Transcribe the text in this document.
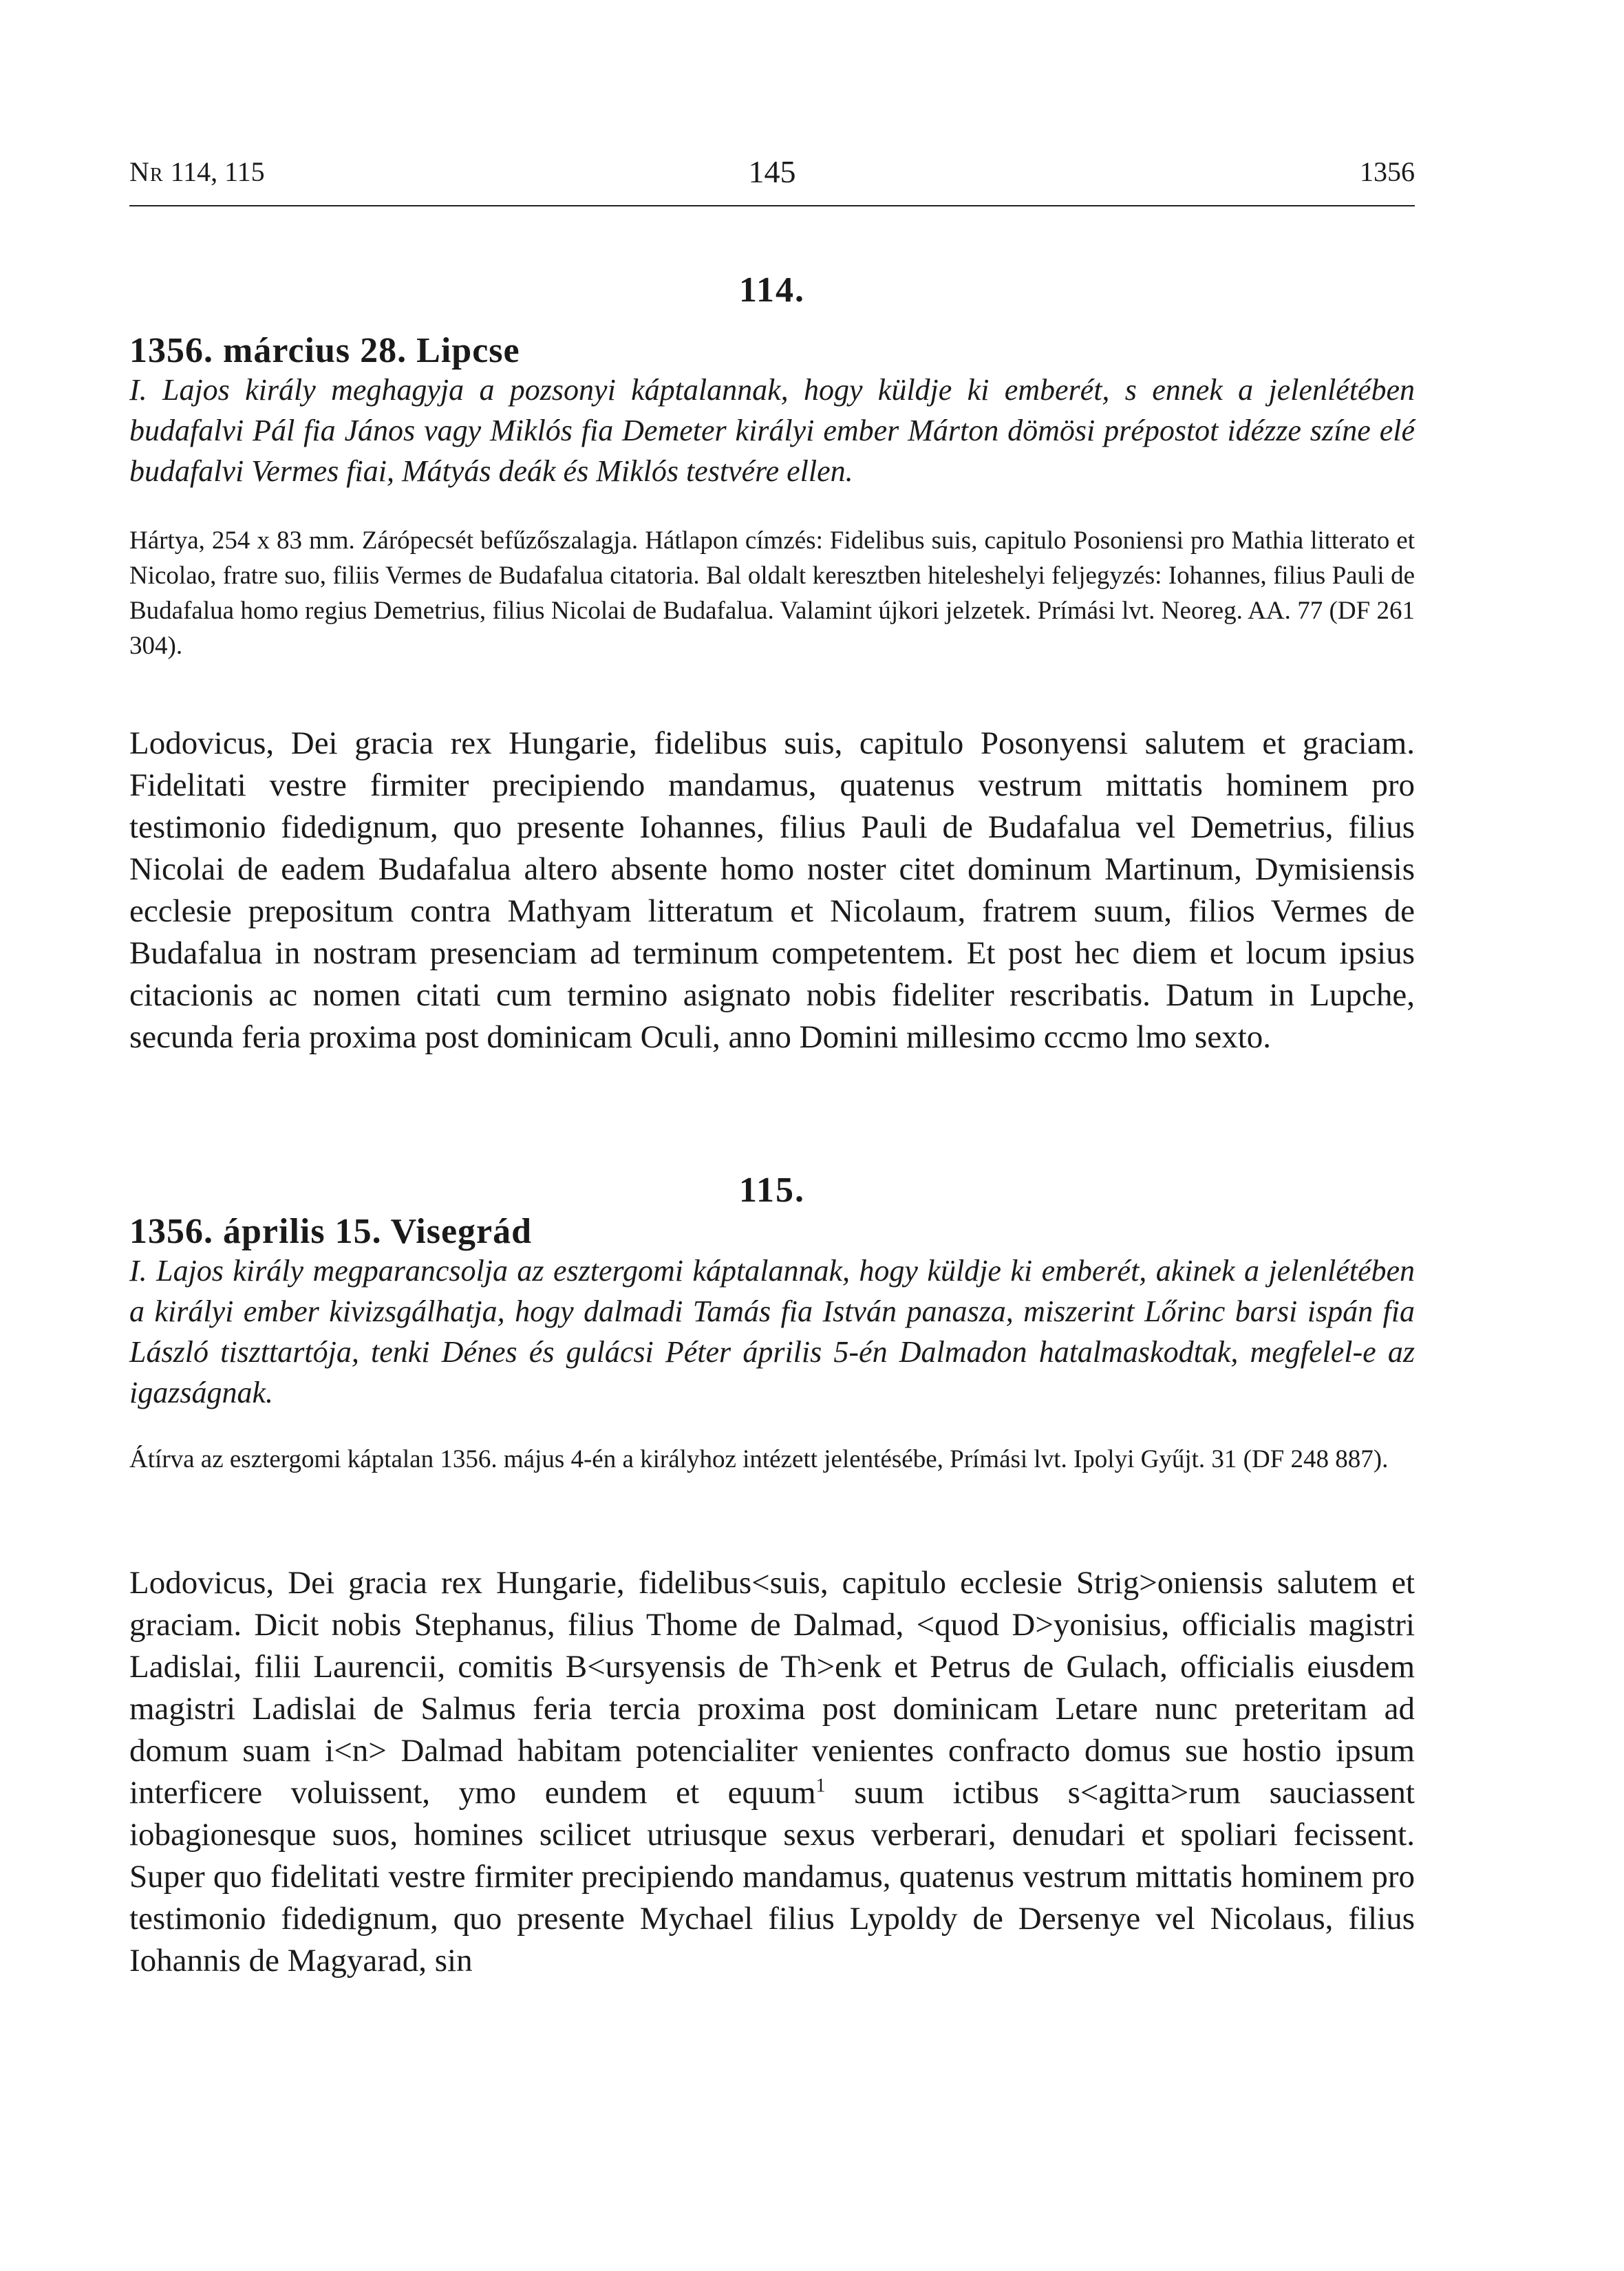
Nr 114, 115	145	1356
114.
1356. március 28. Lipcse
I. Lajos király meghagyja a pozsonyi káptalannak, hogy küldje ki emberét, s ennek a jelenlétében budafalvi Pál fia János vagy Miklós fia Demeter királyi ember Márton dömösi prépostot idézze színe elé budafalvi Vermes fiai, Mátyás deák és Miklós testvére ellen.
Hártya, 254 x 83 mm. Zárópecsét befűzőszalagja. Hátlapon címzés: Fidelibus suis, capitulo Posoniensi pro Mathia litterato et Nicolao, fratre suo, filiis Vermes de Budafalua citatoria. Bal oldalt keresztben hiteleshelyi feljegyzés: Iohannes, filius Pauli de Budafalua homo regius Demetrius, filius Nicolai de Budafalua. Valamint újkori jelzetek. Prímási lvt. Neoreg. AA. 77 (DF 261 304).
Lodovicus, Dei gracia rex Hungarie, fidelibus suis, capitulo Posonyensi salutem et graciam. Fidelitati vestre firmiter precipiendo mandamus, quatenus vestrum mittatis hominem pro testimonio fidedignum, quo presente Iohannes, filius Pauli de Budafalua vel Demetrius, filius Nicolai de eadem Budafalua altero absente homo noster citet dominum Martinum, Dymisiensis ecclesie prepositum contra Mathyam litteratum et Nicolaum, fratrem suum, filios Vermes de Budafalua in nostram presenciam ad terminum competentem. Et post hec diem et locum ipsius citacionis ac nomen citati cum termino asignato nobis fideliter rescribatis. Datum in Lupche, secunda feria proxima post dominicam Oculi, anno Domini millesimo cccmo lmo sexto.
115.
1356. április 15. Visegrád
I. Lajos király megparancsolja az esztergomi káptalannak, hogy küldje ki emberét, akinek a jelenlétében a királyi ember kivizsgálhatja, hogy dalmadi Tamás fia István panasza, miszerint Lőrinc barsi ispán fia László tiszttartója, tenki Dénes és gulácsi Péter április 5-én Dalmadon hatalmaskodtak, megfelel-e az igazságnak.
Átírva az esztergomi káptalan 1356. május 4-én a királyhoz intézett jelentésébe, Prímási lvt. Ipolyi Gyűjt. 31 (DF 248 887).
Lodovicus, Dei gracia rex Hungarie, fidelibus<suis, capitulo ecclesie Strig>oniensis salutem et graciam. Dicit nobis Stephanus, filius Thome de Dalmad, <quod D>yonisius, officialis magistri Ladislai, filii Laurencii, comitis B<ursyensis de Th>enk et Petrus de Gulach, officialis eiusdem magistri Ladislai de Salmus feria tercia proxima post dominicam Letare nunc preteritam ad domum suam i<n> Dalmad habitam potencialiter venientes confracto domus sue hostio ipsum interficere voluissent, ymo eundem et equum$^1$ suum ictibus s<agitta>rum sauciassent iobagionesque suos, homines scilicet utriusque sexus verberari, denudari et spoliari fecissent. Super quo fidelitati vestre firmiter precipiendo mandamus, quatenus vestrum mittatis hominem pro testimonio fidedignum, quo presente Mychael filius Lypoldy de Dersenye vel Nicolaus, filius Iohannis de Magyarad, sin
